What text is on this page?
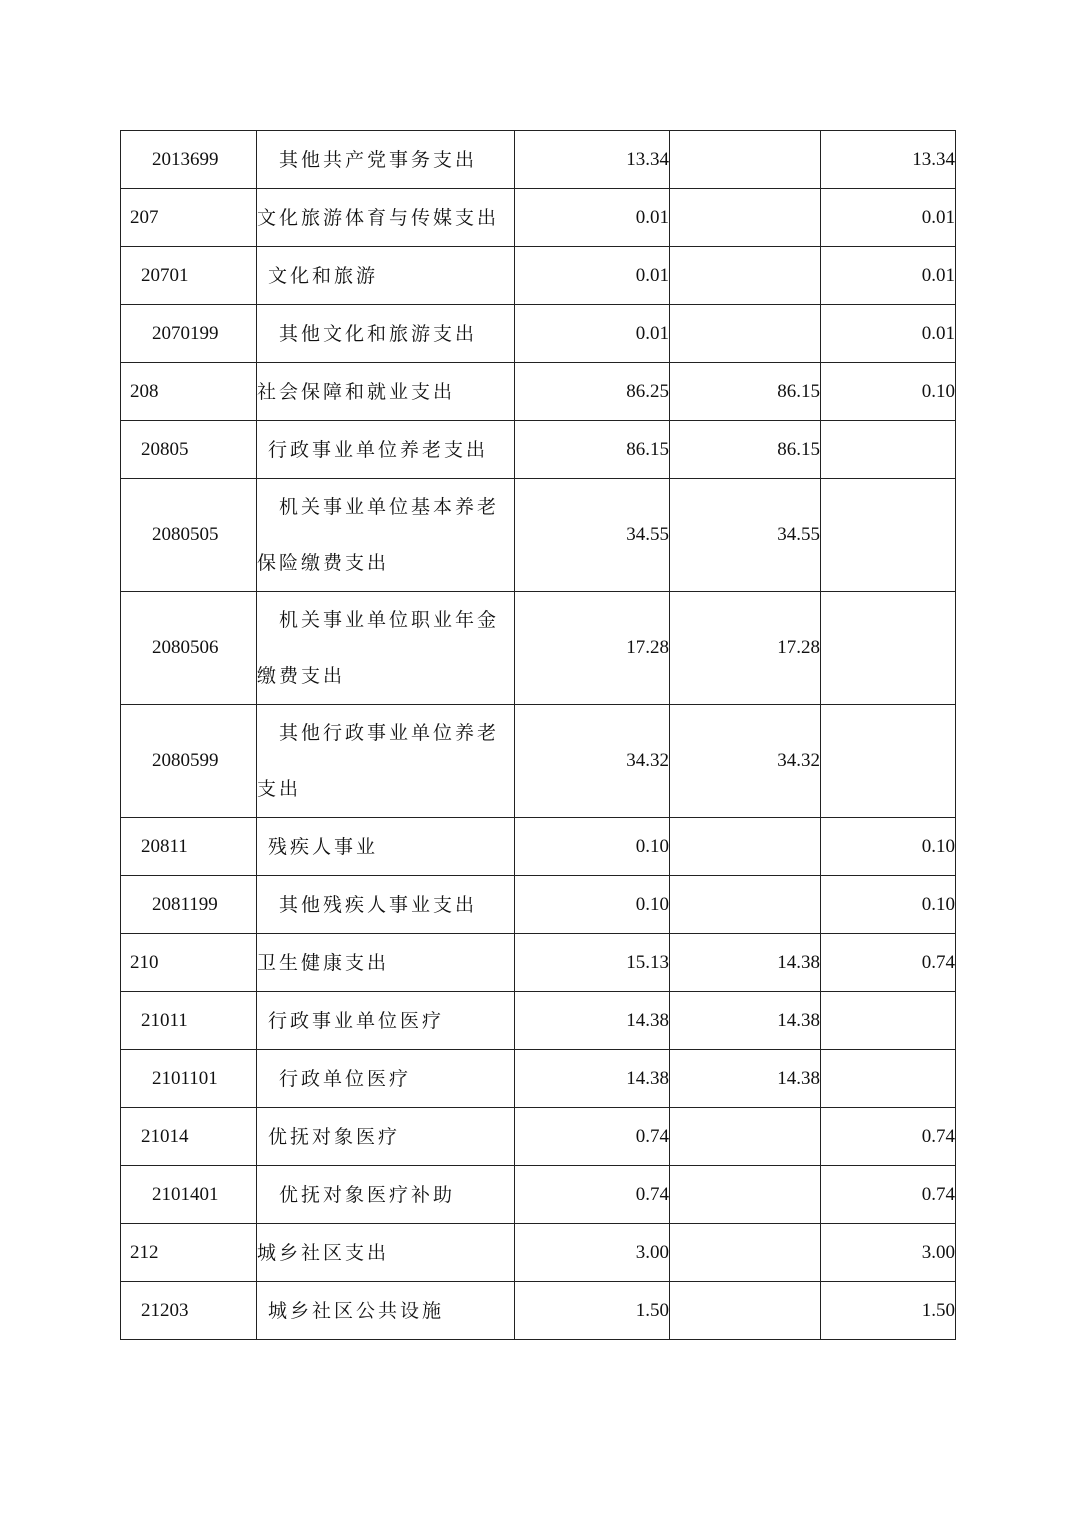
2013699	其他共产党事务支出	13.34		13.34
207	文化旅游体育与传媒支出	0.01		0.01
20701	文化和旅游	0.01		0.01
2070199	其他文化和旅游支出	0.01		0.01
208	社会保障和就业支出	86.25	86.15	0.10
20805	行政事业单位养老支出	86.15	86.15	
2080505	机关事业单位基本养老保险缴费支出	34.55	34.55	
2080506	机关事业单位职业年金缴费支出	17.28	17.28	
2080599	其他行政事业单位养老支出	34.32	34.32	
20811	残疾人事业	0.10		0.10
2081199	其他残疾人事业支出	0.10		0.10
210	卫生健康支出	15.13	14.38	0.74
21011	行政事业单位医疗	14.38	14.38	
2101101	行政单位医疗	14.38	14.38	
21014	优抚对象医疗	0.74		0.74
2101401	优抚对象医疗补助	0.74		0.74
212	城乡社区支出	3.00		3.00
21203	城乡社区公共设施	1.50		1.50
